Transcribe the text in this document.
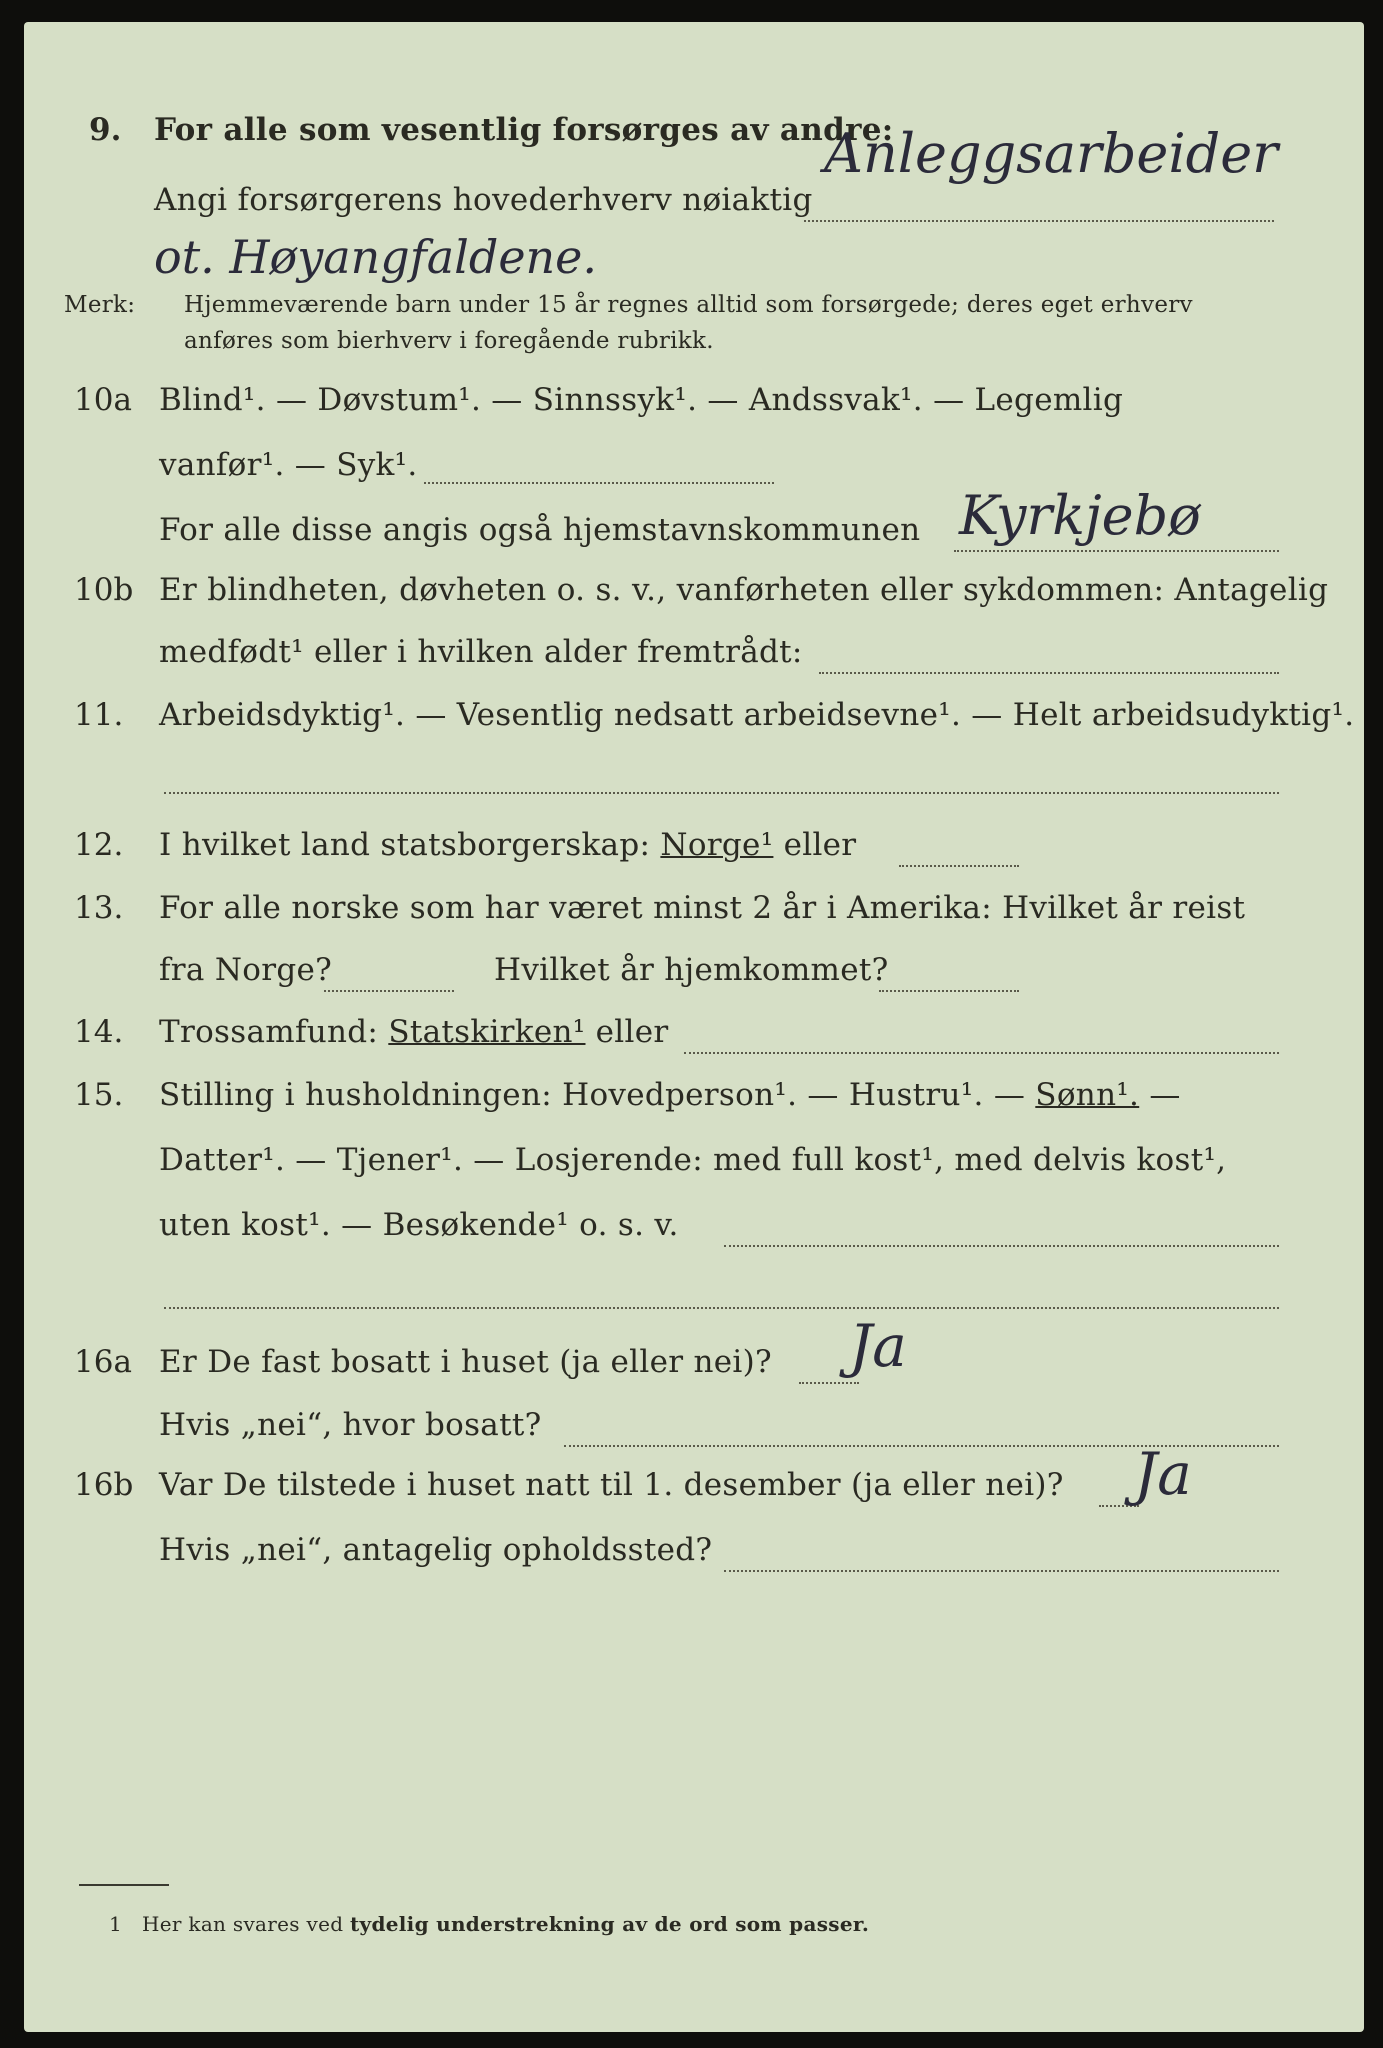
9. For alle som vesentlig forsørges av andre:
Anleggsarbeider
Angi forsørgerens hovederhverv nøiaktig
ot. Høyangfaldene.
Merk: Hjemmeværende barn under 15 år regnes alltid som forsørgede; deres eget erhverv
anføres som bierhverv i foregående rubrikk.
10a Blind¹. — Døvstum¹. — Sinnssyk¹. — Andssvak¹. — Legemlig
vanfør¹. — Syk¹.
For alle disse angis også hjemstavnskommunen Kyrkjebø
10b Er blindheten, døvheten o. s. v., vanførheten eller sykdommen: Antagelig
medfødt¹ eller i hvilken alder fremtrådt:
11. Arbeidsdyktig¹. — Vesentlig nedsatt arbeidsevne¹. — Helt arbeidsudyktig¹.
12. I hvilket land statsborgerskap: Norge¹ eller
13. For alle norske som har været minst 2 år i Amerika: Hvilket år reist
fra Norge?	Hvilket år hjemkommet?
14. Trossamfund: Statskirken¹ eller
15. Stilling i husholdningen: Hovedperson¹. — Hustru¹. — Sønn¹. —
Datter¹. — Tjener¹. — Losjerende: med full kost¹, med delvis kost¹,
uten kost¹. — Besøkende¹ o. s. v.
16a Er De fast bosatt i huset (ja eller nei)? Ja
Hvis „nei“, hvor bosatt?
16b Var De tilstede i huset natt til 1. desember (ja eller nei)? Ja
Hvis „nei“, antagelig opholdssted?
1 Her kan svares ved tydelig understrekning av de ord som passer.
